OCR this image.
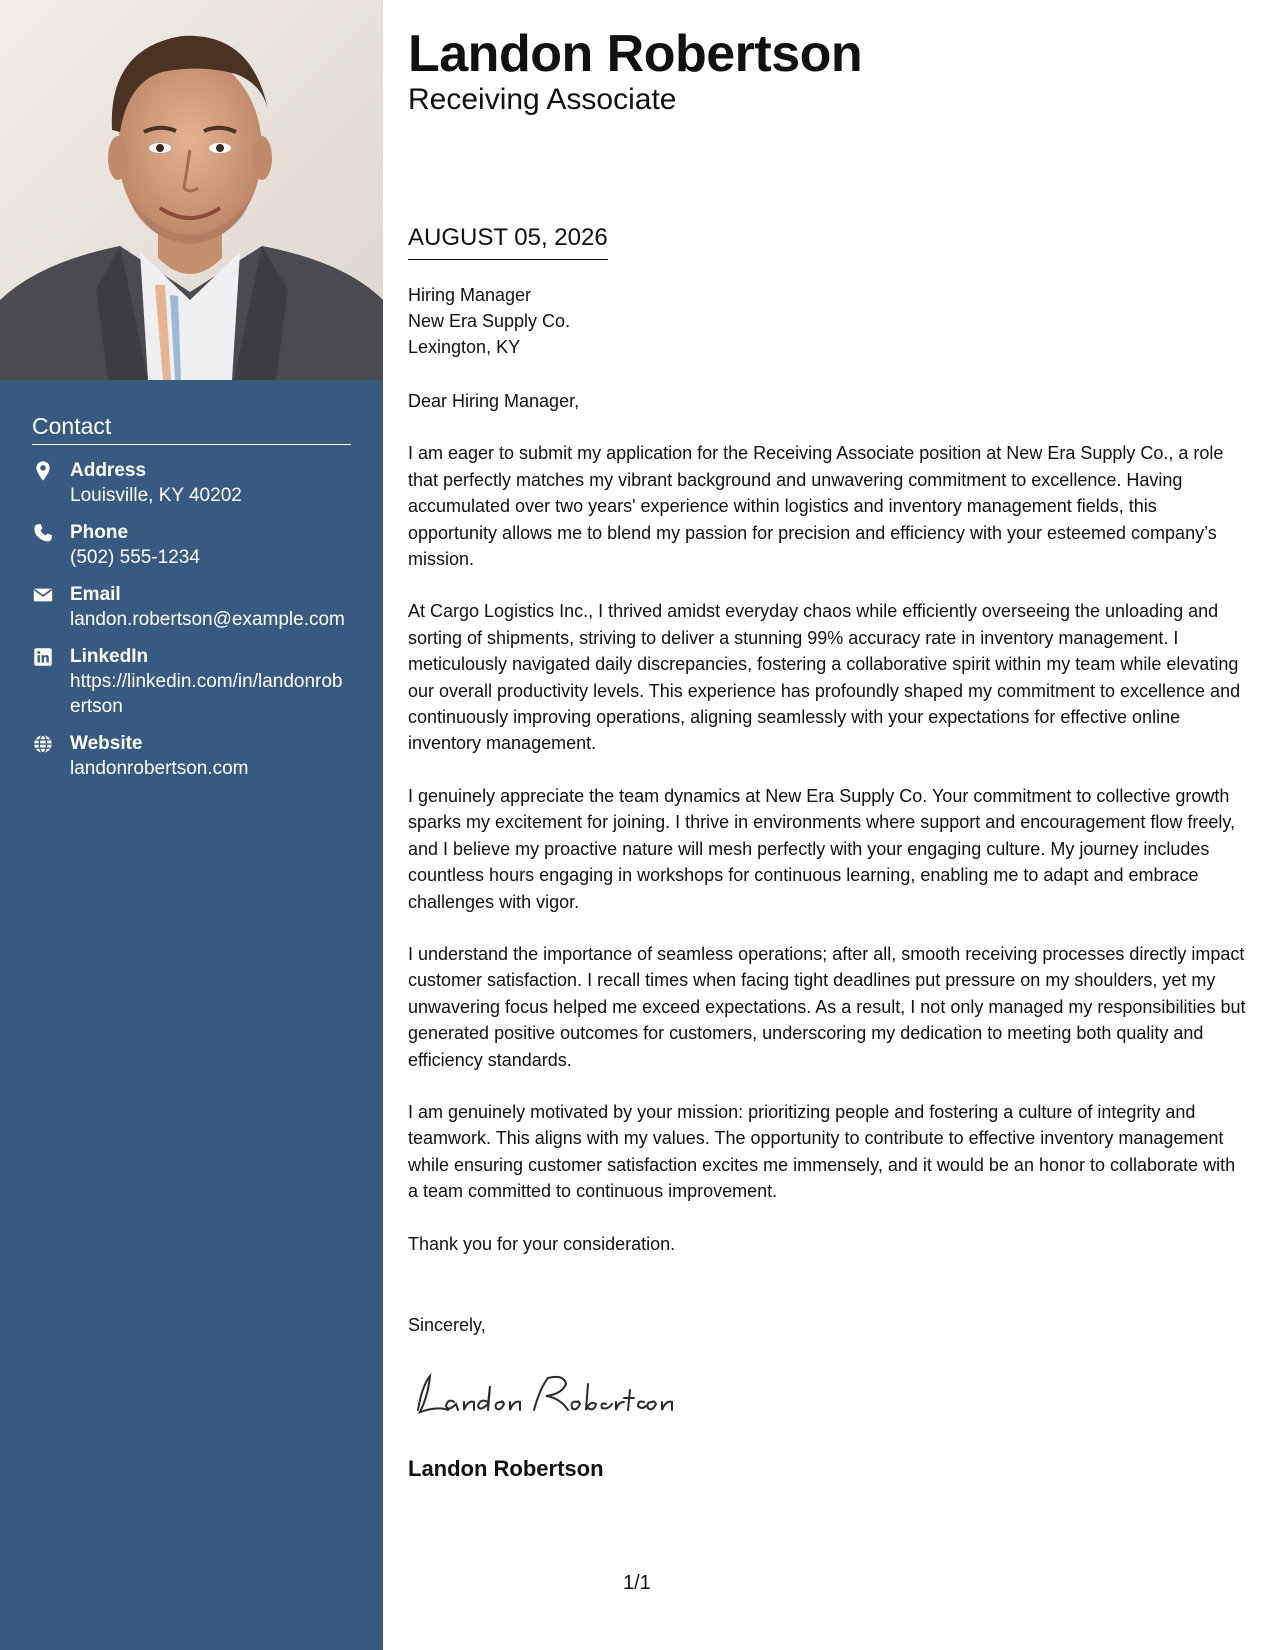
Contact
Address
Louisville, KY 40202
Phone
(502) 555-1234
Email
landon.robertson@example.com
LinkedIn
https://linkedin.com/in/landonrobertson
Website
landonrobertson.com
Landon Robertson
Receiving Associate
AUGUST 05, 2026
Hiring Manager
New Era Supply Co.
Lexington, KY

Dear Hiring Manager,

I am eager to submit my application for the Receiving Associate position at New Era Supply Co., a role that perfectly matches my vibrant background and unwavering commitment to excellence. Having accumulated over two years' experience within logistics and inventory management fields, this opportunity allows me to blend my passion for precision and efficiency with your esteemed company’s mission.

At Cargo Logistics Inc., I thrived amidst everyday chaos while efficiently overseeing the unloading and sorting of shipments, striving to deliver a stunning 99% accuracy rate in inventory management. I meticulously navigated daily discrepancies, fostering a collaborative spirit within my team while elevating our overall productivity levels. This experience has profoundly shaped my commitment to excellence and continuously improving operations, aligning seamlessly with your expectations for effective online inventory management.

I genuinely appreciate the team dynamics at New Era Supply Co. Your commitment to collective growth sparks my excitement for joining. I thrive in environments where support and encouragement flow freely, and I believe my proactive nature will mesh perfectly with your engaging culture. My journey includes countless hours engaging in workshops for continuous learning, enabling me to adapt and embrace challenges with vigor.

I understand the importance of seamless operations; after all, smooth receiving processes directly impact customer satisfaction. I recall times when facing tight deadlines put pressure on my shoulders, yet my unwavering focus helped me exceed expectations. As a result, I not only managed my responsibilities but generated positive outcomes for customers, underscoring my dedication to meeting both quality and efficiency standards.

I am genuinely motivated by your mission: prioritizing people and fostering a culture of integrity and teamwork. This aligns with my values. The opportunity to contribute to effective inventory management while ensuring customer satisfaction excites me immensely, and it would be an honor to collaborate with a team committed to continuous improvement.

Thank you for your consideration.

Sincerely,
Landon Robertson
1/1
